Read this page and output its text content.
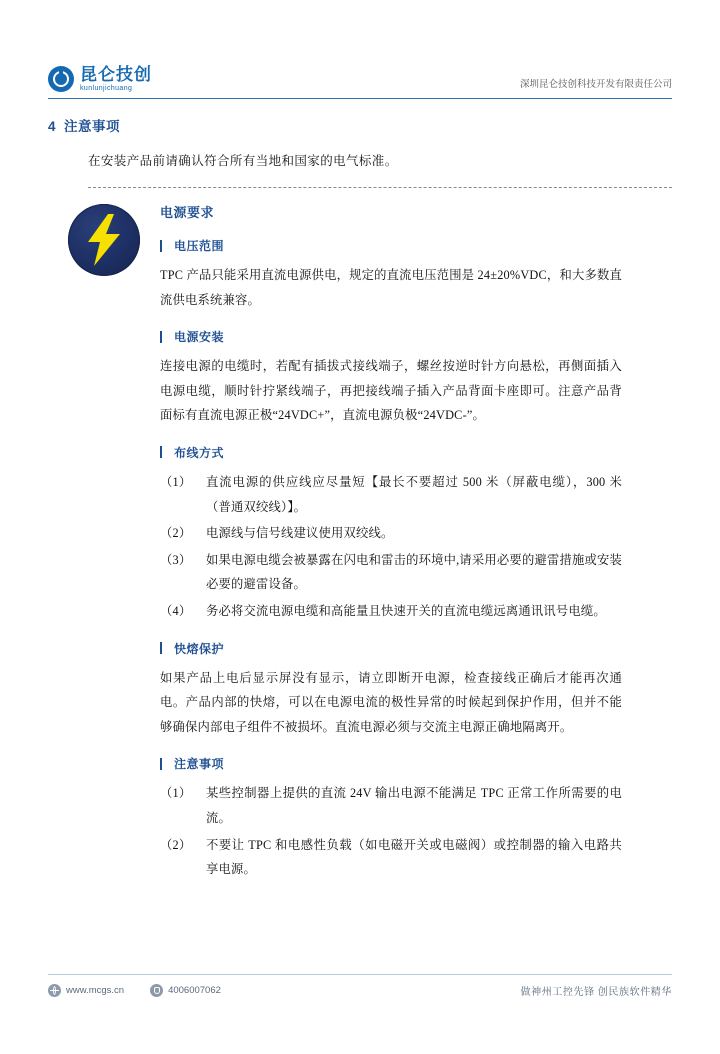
昆仑技创
kunlunjichuang	深圳昆仑技创科技开发有限责任公司
4 注意事项
在安装产品前请确认符合所有当地和国家的电气标准。
电源要求
电压范围

TPC 产品只能采用直流电源供电，规定的直流电压范围是 24±20%VDC，和大多数直流供电系统兼容。

电源安装

连接电源的电缆时，若配有插拔式接线端子，螺丝按逆时针方向悬松，再侧面插入电源电缆，顺时针拧紧线端子，再把接线端子插入产品背面卡座即可。注意产品背面标有直流电源正极“24VDC+”，直流电源负极“24VDC-”。

布线方式
（1）	直流电源的供应线应尽量短【最长不要超过 500 米（屏蔽电缆），300 米（普通双绞线）】。
（2）	电源线与信号线建议使用双绞线。
（3）	如果电源电缆会被暴露在闪电和雷击的环境中,请采用必要的避雷措施或安装必要的避雷设备。
（4）	务必将交流电源电缆和高能量且快速开关的直流电缆远离通讯讯号电缆。
快熔保护

如果产品上电后显示屏没有显示，请立即断开电源，检查接线正确后才能再次通电。产品内部的快熔，可以在电源电流的极性异常的时候起到保护作用，但并不能够确保内部电子组件不被损坏。直流电源必须与交流主电源正确地隔离开。

注意事项
（1）	某些控制器上提供的直流 24V 输出电源不能满足 TPC 正常工作所需要的电流。
（2）	不要让 TPC 和电感性负载（如电磁开关或电磁阀）或控制器的输入电路共享电源。
www.mcgs.cn	4006007062	做神州工控先锋 创民族软件精华
